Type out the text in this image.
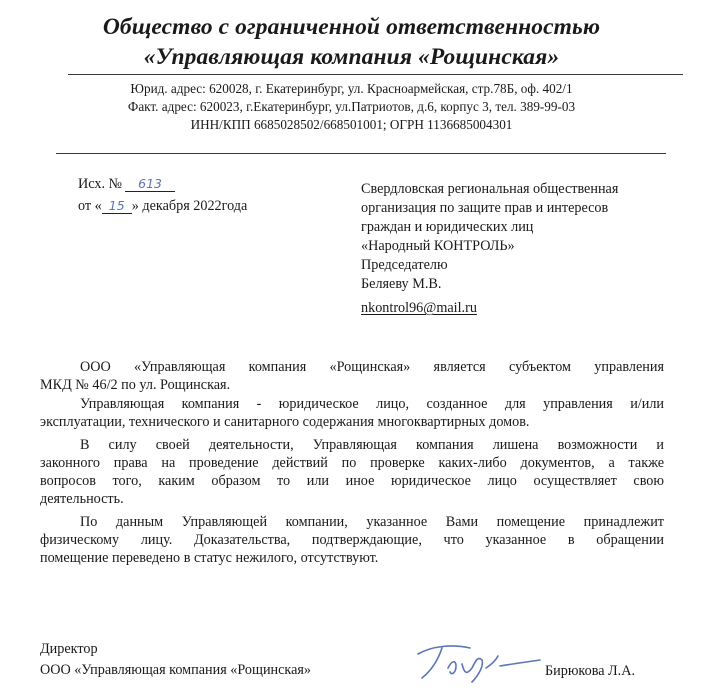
Общество с ограниченной ответственностью
«Управляющая компания «Рощинская»
Юрид. адрес: 620028, г. Екатеринбург, ул. Красноармейская, стр.78Б, оф. 402/1
Факт. адрес: 620023, г.Екатеринбург, ул.Патриотов, д.6, корпус 3, тел. 389-99-03
ИНН/КПП 6685028502/668501001; ОГРН 1136685004301
Исх. № 613
от « 15 » декабря 2022года
Свердловская региональная общественная
организация по защите прав и интересов
граждан и юридических лиц
«Народный КОНТРОЛЬ»
Председателю
Беляеву М.В.
nkontrol96@mail.ru
ООО «Управляющая компания «Рощинская» является субъектом управления
МКД № 46/2 по ул. Рощинская.
Управляющая компания - юридическое лицо, созданное для управления и/или
эксплуатации, технического и санитарного содержания многоквартирных домов.
В силу своей деятельности, Управляющая компания лишена возможности и
законного права на проведение действий по проверке каких-либо документов, а также
вопросов того, каким образом то или иное юридическое лицо осуществляет свою
деятельность.
По данным Управляющей компании, указанное Вами помещение принадлежит
физическому лицу. Доказательства, подтверждающие, что указанное в обращении
помещение переведено в статус нежилого, отсутствуют.
Директор
ООО «Управляющая компания «Рощинская»	Бирюкова Л.А.
